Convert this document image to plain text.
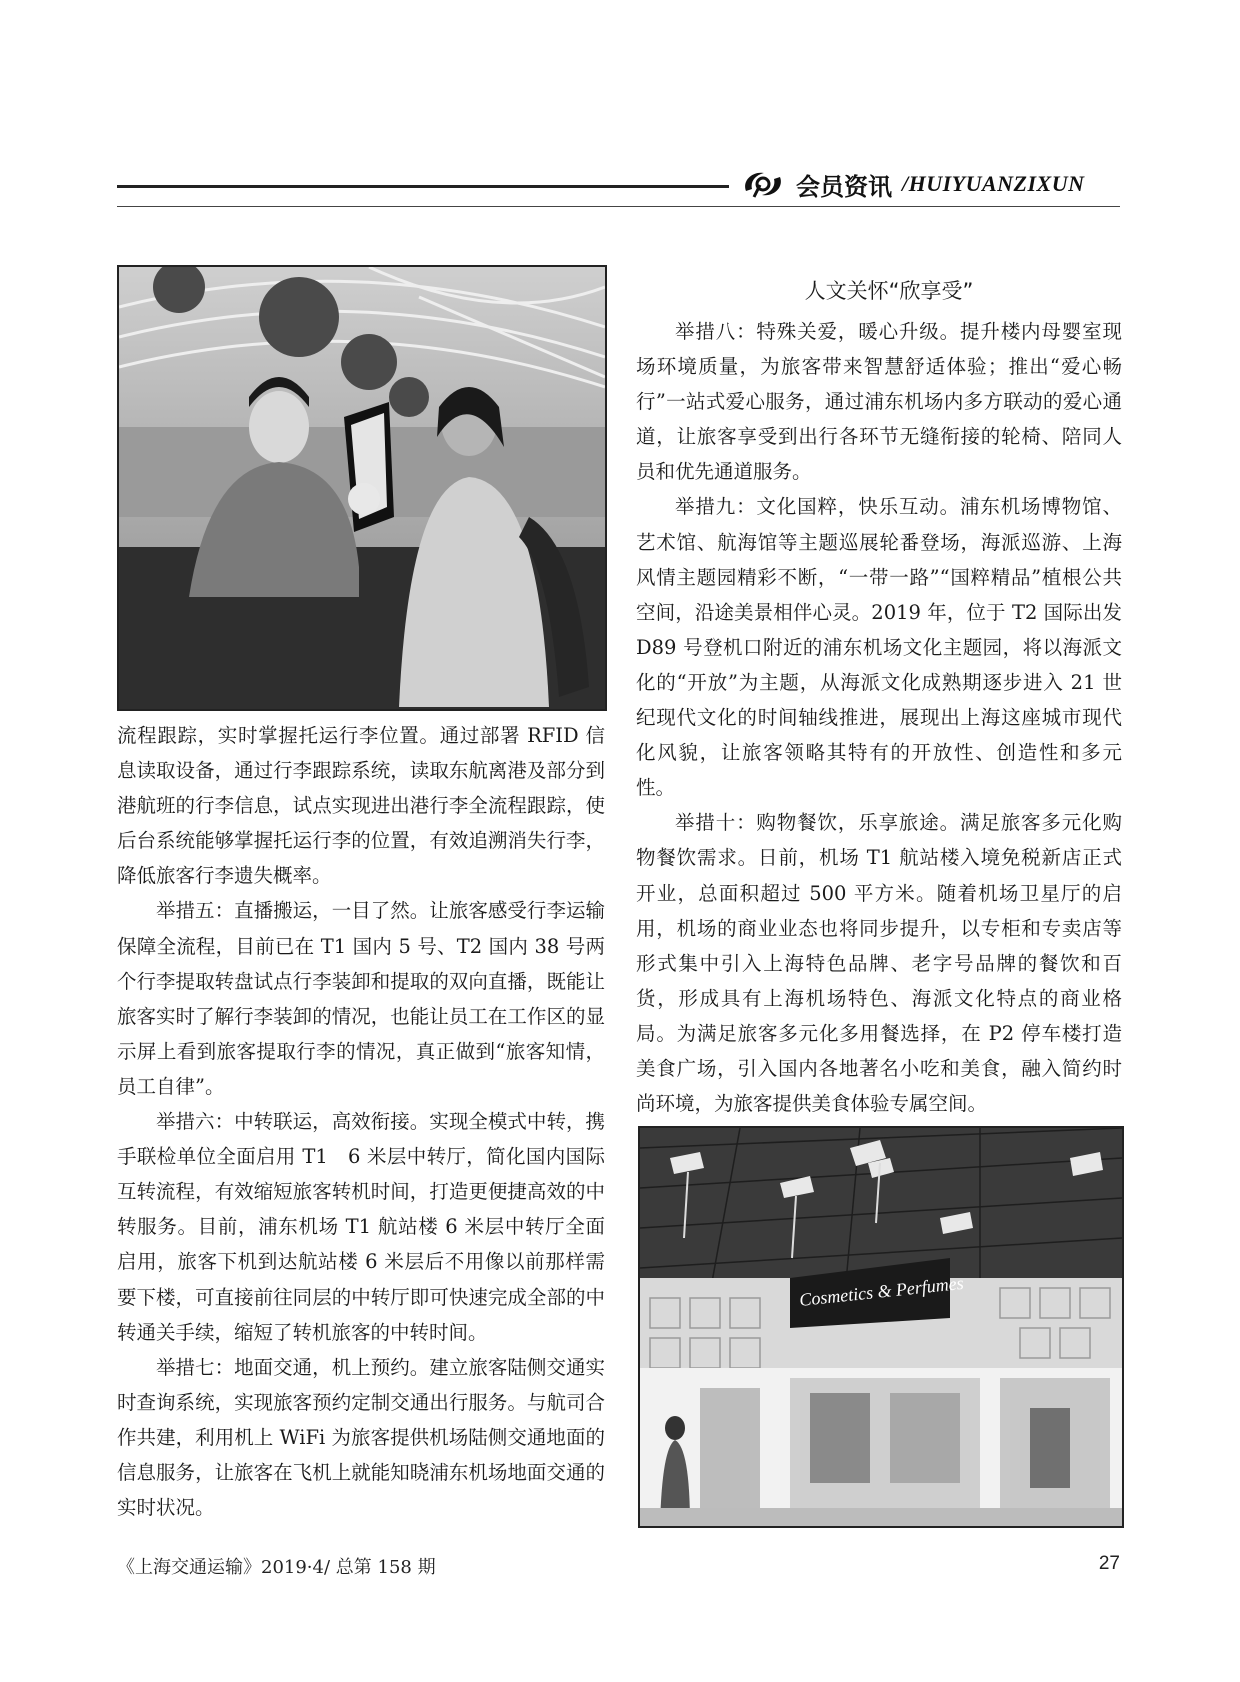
会员资讯 /HUIYUANZIXUN
Cosmetics & Perfumes

流程跟踪，实时掌握托运行李位置。通过部署 RFID 信息读取设备，通过行李跟踪系统，读取东航离港及部分到港航班的行李信息，试点实现进出港行李全流程跟踪，使后台系统能够掌握托运行李的位置，有效追溯消失行李，降低旅客行李遗失概率。

举措五：直播搬运，一目了然。让旅客感受行李运输保障全流程，目前已在 T1 国内 5 号、T2 国内 38 号两个行李提取转盘试点行李装卸和提取的双向直播，既能让旅客实时了解行李装卸的情况，也能让员工在工作区的显示屏上看到旅客提取行李的情况，真正做到“旅客知情，员工自律”。

举措六：中转联运，高效衔接。实现全模式中转，携手联检单位全面启用 T1　6 米层中转厅，简化国内国际互转流程，有效缩短旅客转机时间，打造更便捷高效的中转服务。目前，浦东机场 T1 航站楼 6 米层中转厅全面启用，旅客下机到达航站楼 6 米层后不用像以前那样需要下楼，可直接前往同层的中转厅即可快速完成全部的中转通关手续，缩短了转机旅客的中转时间。

举措七：地面交通，机上预约。建立旅客陆侧交通实时查询系统，实现旅客预约定制交通出行服务。与航司合作共建，利用机上 WiFi 为旅客提供机场陆侧交通地面的信息服务，让旅客在飞机上就能知晓浦东机场地面交通的实时状况。

人文关怀“欣享受”

举措八：特殊关爱，暖心升级。提升楼内母婴室现场环境质量，为旅客带来智慧舒适体验；推出“爱心畅行”一站式爱心服务，通过浦东机场内多方联动的爱心通道，让旅客享受到出行各环节无缝衔接的轮椅、陪同人员和优先通道服务。

举措九：文化国粹，快乐互动。浦东机场博物馆、艺术馆、航海馆等主题巡展轮番登场，海派巡游、上海风情主题园精彩不断，“一带一路”“国粹精品”植根公共空间，沿途美景相伴心灵。2019 年，位于 T2 国际出发 D89 号登机口附近的浦东机场文化主题园，将以海派文化的“开放”为主题，从海派文化成熟期逐步进入 21 世纪现代文化的时间轴线推进，展现出上海这座城市现代化风貌，让旅客领略其特有的开放性、创造性和多元性。

举措十：购物餐饮，乐享旅途。满足旅客多元化购物餐饮需求。日前，机场 T1 航站楼入境免税新店正式开业，总面积超过 500 平方米。随着机场卫星厅的启用，机场的商业业态也将同步提升，以专柜和专卖店等形式集中引入上海特色品牌、老字号品牌的餐饮和百货，形成具有上海机场特色、海派文化特点的商业格局。为满足旅客多元化多用餐选择，在 P2 停车楼打造美食广场，引入国内各地著名小吃和美食，融入简约时尚环境，为旅客提供美食体验专属空间。

《上海交通运输》2019·4/ 总第 158 期	27
